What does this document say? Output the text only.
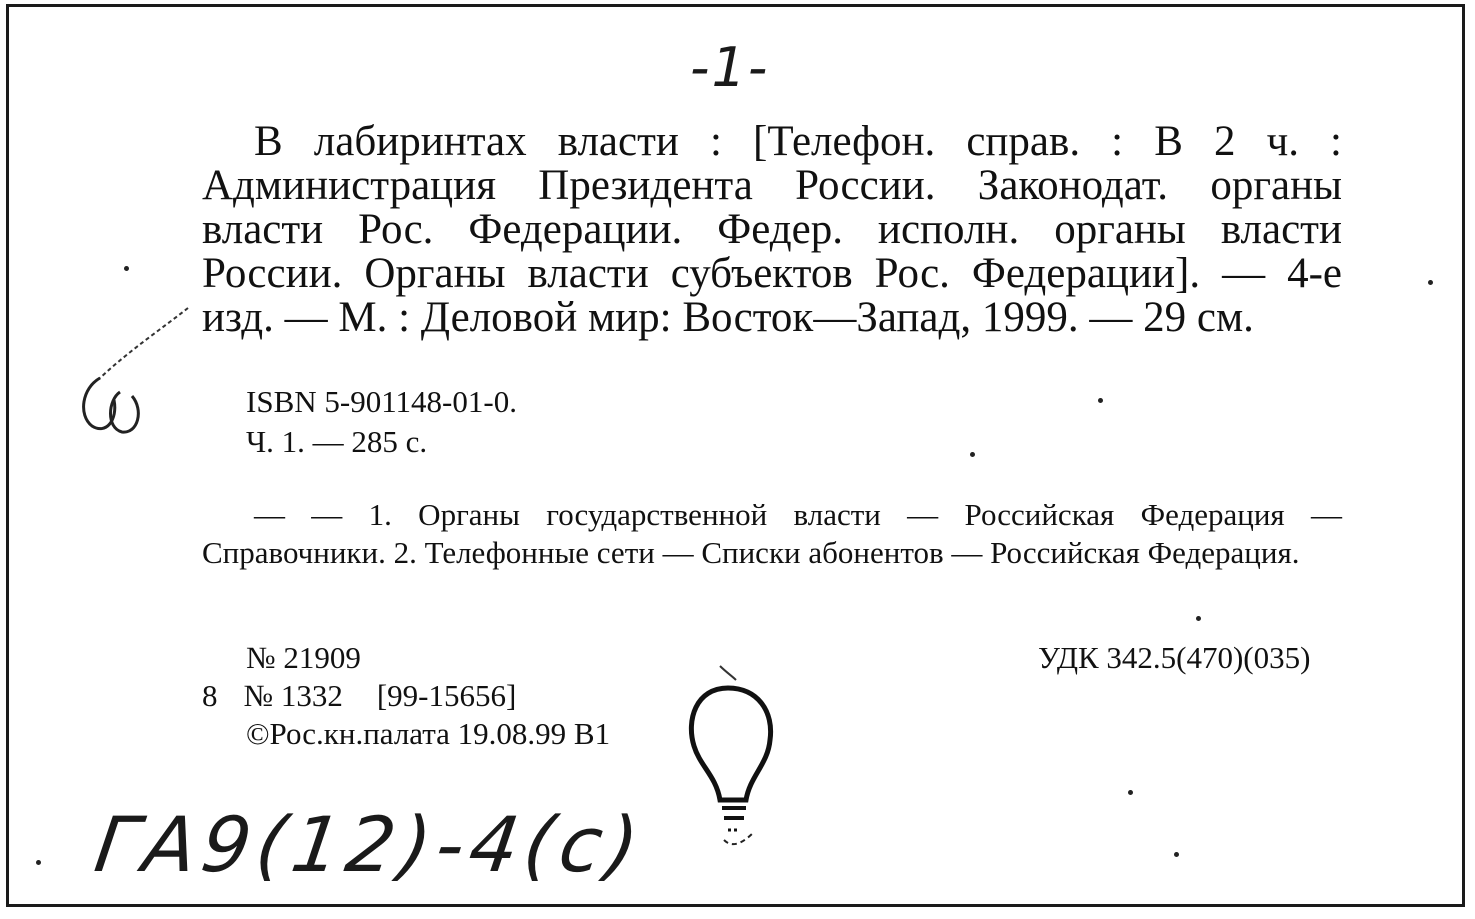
-1-

В лабиринтах власти : [Телефон. справ. : В 2 ч. : Администрация Президента России. Законодат. органы власти Рос. Федерации. Федер. исполн. органы власти России. Органы власти субъектов Рос. Федерации]. — 4-е изд. — М. : Деловой мир: Восток—Запад, 1999. — 29 см.

ISBN 5-901148-01-0.
Ч. 1. — 285 с.

— — 1. Органы государственной власти — Российская Федерация — Справочники. 2. Телефонные сети — Списки абонентов — Российская Федерация.

№ 21909
8 № 1332 [99-15656]
©Рос.кн.палата 19.08.99 В1
УДК 342.5(470)(035)
ГА9(12)-4(с)
